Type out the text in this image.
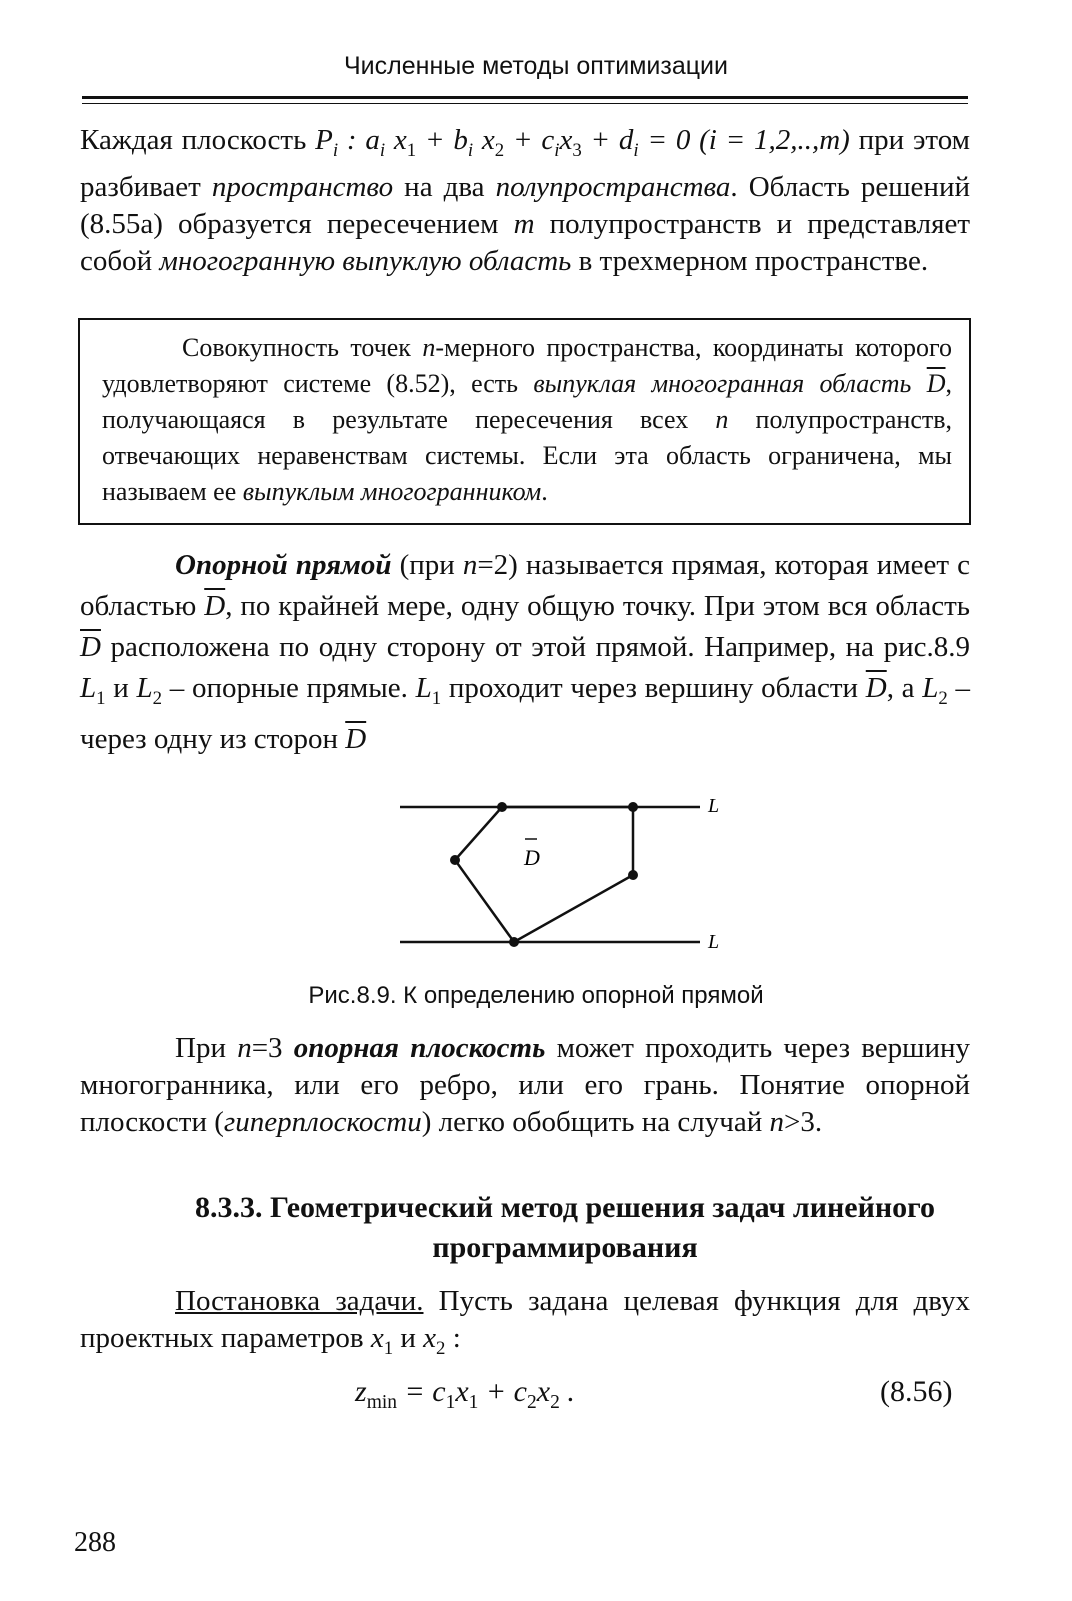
Численные методы оптимизации
Каждая плоскость $P_i$ : $a_i$ $x_1 + b_i$ $x_2 + c_ix_3 + d_i = 0$ (i = 1,2,..,m) при этом разбивает пространство на два полупространства. Область решений (8.55а) образуется пересечением m полупространств и представляет собой многогранную выпуклую область в трехмерном пространстве.
Совокупность точек n-мерного пространства, координаты которого удовлетворяют системе (8.52), есть выпуклая многогранная область $\overline{D}$, получающаяся в результате пересечения всех n полупространств, отвечающих неравенствам системы. Если эта область ограничена, мы называем ее выпуклым многогранником.
Опорной прямой (при n=2) называется прямая, которая имеет с областью $\overline{D}$, по крайней мере, одну общую точку. При этом вся область $\overline{D}$ расположена по одну сторону от этой прямой. Например, на рис.8.9 $L_1$ и $L_2$ – опорные прямые. $L_1$ проходит через вершину области $\overline{D}$, а $L_2$ – через одну из сторон $\overline{D}$
L
L
D
Рис.8.9. К определению опорной прямой
При n=3 опорная плоскость может проходить через вершину многогранника, или его ребро, или его грань. Понятие опорной плоскости (гиперплоскости) легко обобщить на случай n>3.
8.3.3. Геометрический метод решения задач линейного
программирования
Постановка задачи. Пусть задана целевая функция для двух проектных параметров $x_1$ и $x_2$ :
$z_{min} = c_1x_1 + c_2x_2$ .	(8.56)
288
